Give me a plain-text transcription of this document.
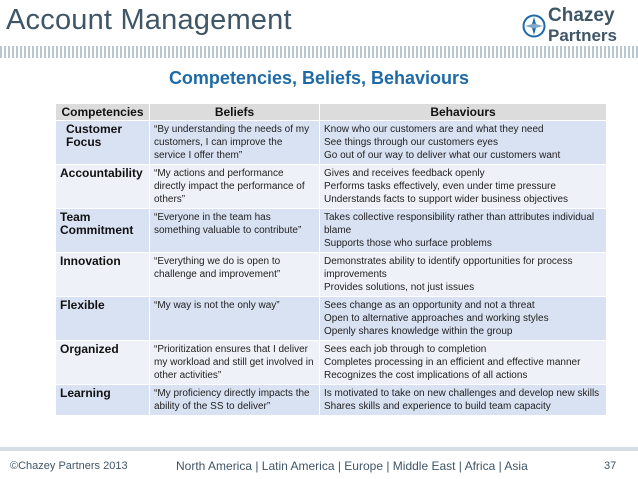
Account Management	Chazey
Partners
Competencies, Beliefs, Behaviours
Competencies	Beliefs	Behaviours
Customer Focus	“By understanding the needs of my customers, I can improve the service I offer them”	Know who our customers are and what they need
See things through our customers eyes
Go out of our way to deliver what our customers want

Accountability	“My actions and performance directly impact the performance of others”	Gives and receives feedback openly
Performs tasks effectively, even under time pressure
Understands facts to support wider business objectives

Team Commitment	“Everyone in the team has something valuable to contribute”	Takes collective responsibility rather than attributes individual blame
Supports those who surface problems

Innovation	“Everything we do is open to challenge and improvement”	Demonstrates ability to identify opportunities for process improvements
Provides solutions, not just issues

Flexible	“My way is not the only way”	Sees change as an opportunity and not a threat
Open to alternative approaches and working styles
Openly shares knowledge within the group

Organized	“Prioritization ensures that I deliver my workload and still get involved in other activities”	Sees each job through to completion
Completes processing in an efficient and effective manner
Recognizes the cost implications of all actions

Learning	“My proficiency directly impacts the ability of the SS to deliver”	Is motivated to take on new challenges and develop new skills
Shares skills and experience to build team capacity
©Chazey Partners 2013	North America | Latin America | Europe | Middle East | Africa | Asia	37
